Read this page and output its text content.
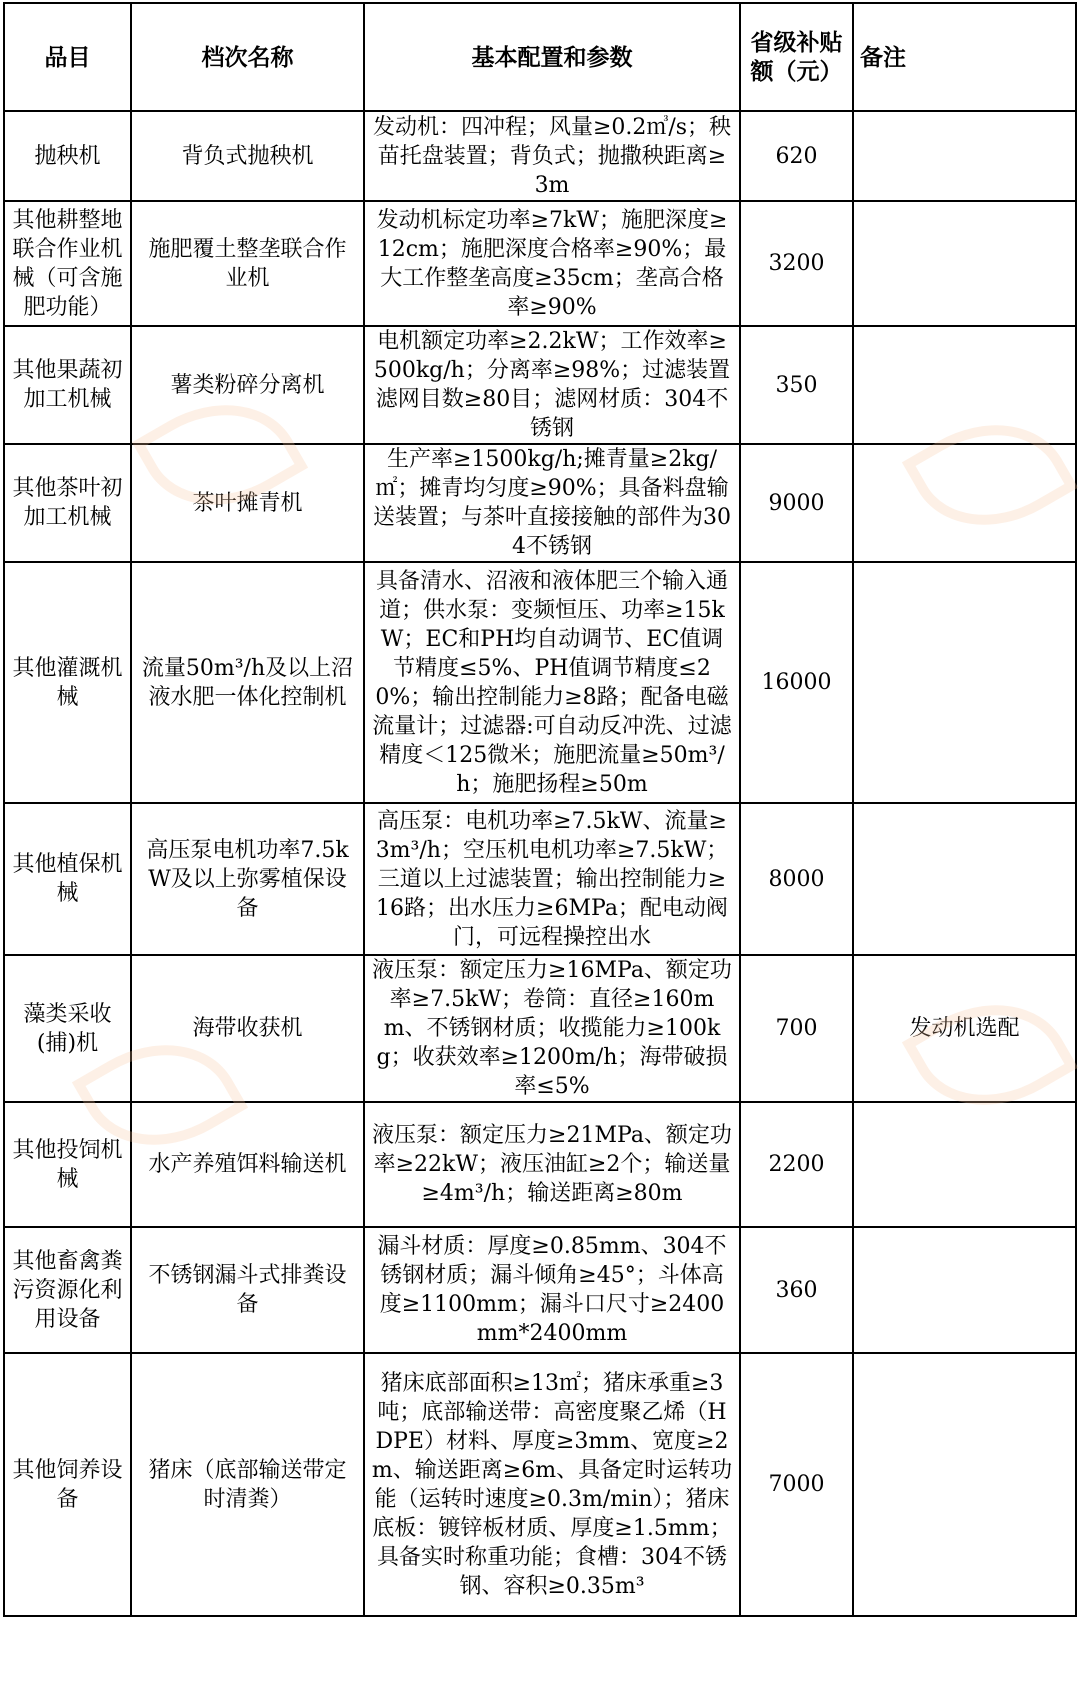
品目	档次名称	基本配置和参数	省级补贴额（元）	备注
抛秧机	背负式抛秧机	发动机：四冲程；风量≥0.2㎥/s；秧苗托盘装置；背负式；抛撒秧距离≥3m	620	
其他耕整地联合作业机械（可含施肥功能）	施肥覆土整垄联合作业机	发动机标定功率≥7kW；施肥深度≥12cm；施肥深度合格率≥90%；最大工作整垄高度≥35cm；垄高合格率≥90%	3200	
其他果蔬初加工机械	薯类粉碎分离机	电机额定功率≥2.2kW；工作效率≥500kg/h；分离率≥98%；过滤装置滤网目数≥80目；滤网材质：304不锈钢	350	
其他茶叶初加工机械	茶叶摊青机	生产率≥1500kg/h;摊青量≥2kg/㎡；摊青均匀度≥90%；具备料盘输送装置；与茶叶直接接触的部件为304不锈钢	9000	
其他灌溉机械	流量50m³/h及以上沼液水肥一体化控制机	具备清水、沼液和液体肥三个输入通道；供水泵：变频恒压、功率≥15kW；EC和PH均自动调节、EC值调节精度≤5%、PH值调节精度≤20%；输出控制能力≥8路；配备电磁流量计；过滤器:可自动反冲洗、过滤精度＜125微米；施肥流量≥50m³/h；施肥扬程≥50m	16000	
其他植保机械	高压泵电机功率7.5kW及以上弥雾植保设备	高压泵：电机功率≥7.5kW、流量≥3m³/h；空压机电机功率≥7.5kW；三道以上过滤装置；输出控制能力≥16路；出水压力≥6MPa；配电动阀门，可远程操控出水	8000	
藻类采收(捕)机	海带收获机	液压泵：额定压力≥16MPa、额定功率≥7.5kW；卷筒：直径≥160mm、不锈钢材质；收揽能力≥100kg；收获效率≥1200m/h；海带破损率≤5%	700	发动机选配
其他投饲机械	水产养殖饵料输送机	液压泵：额定压力≥21MPa、额定功率≥22kW；液压油缸≥2个；输送量≥4m³/h；输送距离≥80m	2200	
其他畜禽粪污资源化利用设备	不锈钢漏斗式排粪设备	漏斗材质：厚度≥0.85mm、304不锈钢材质；漏斗倾角≥45°；斗体高度≥1100mm；漏斗口尺寸≥2400mm*2400mm	360	
其他饲养设备	猪床（底部输送带定时清粪）	猪床底部面积≥13㎡；猪床承重≥3吨；底部输送带：高密度聚乙烯（HDPE）材料、厚度≥3mm、宽度≥2m、输送距离≥6m、具备定时运转功能（运转时速度≥0.3m/min）；猪床底板：镀锌板材质、厚度≥1.5mm；具备实时称重功能；食槽：304不锈钢、容积≥0.35m³	7000	
